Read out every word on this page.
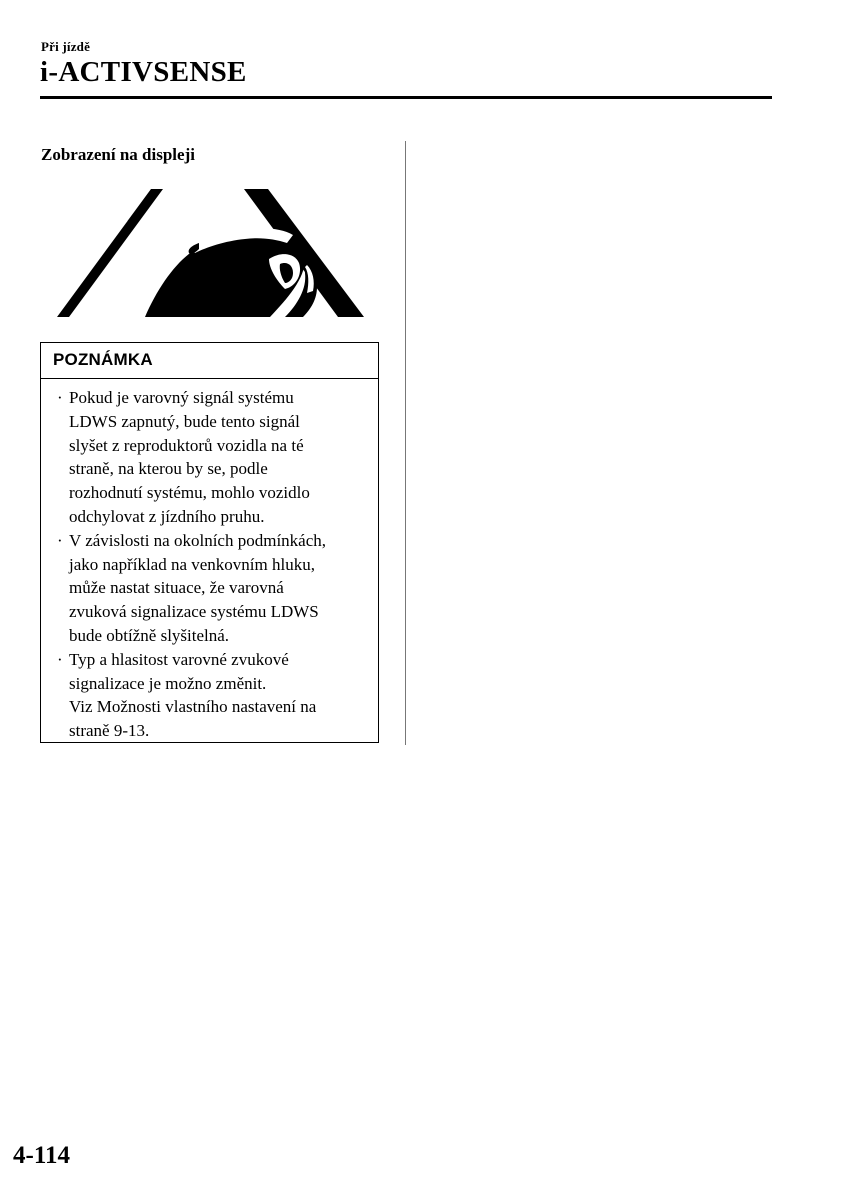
Při jízdě
i-ACTIVSENSE
Zobrazení na displeji
POZNÁMKA
· Pokud je varovný signál systému
LDWS zapnutý, bude tento signál
slyšet z reproduktorů vozidla na té
straně, na kterou by se, podle
rozhodnutí systému, mohlo vozidlo
odchylovat z jízdního pruhu.
· V závislosti na okolních podmínkách,
jako například na venkovním hluku,
může nastat situace, že varovná
zvuková signalizace systému LDWS
bude obtížně slyšitelná.
· Typ a hlasitost varovné zvukové
signalizace je možno změnit.
Viz Možnosti vlastního nastavení na
straně 9-13.
4-114
